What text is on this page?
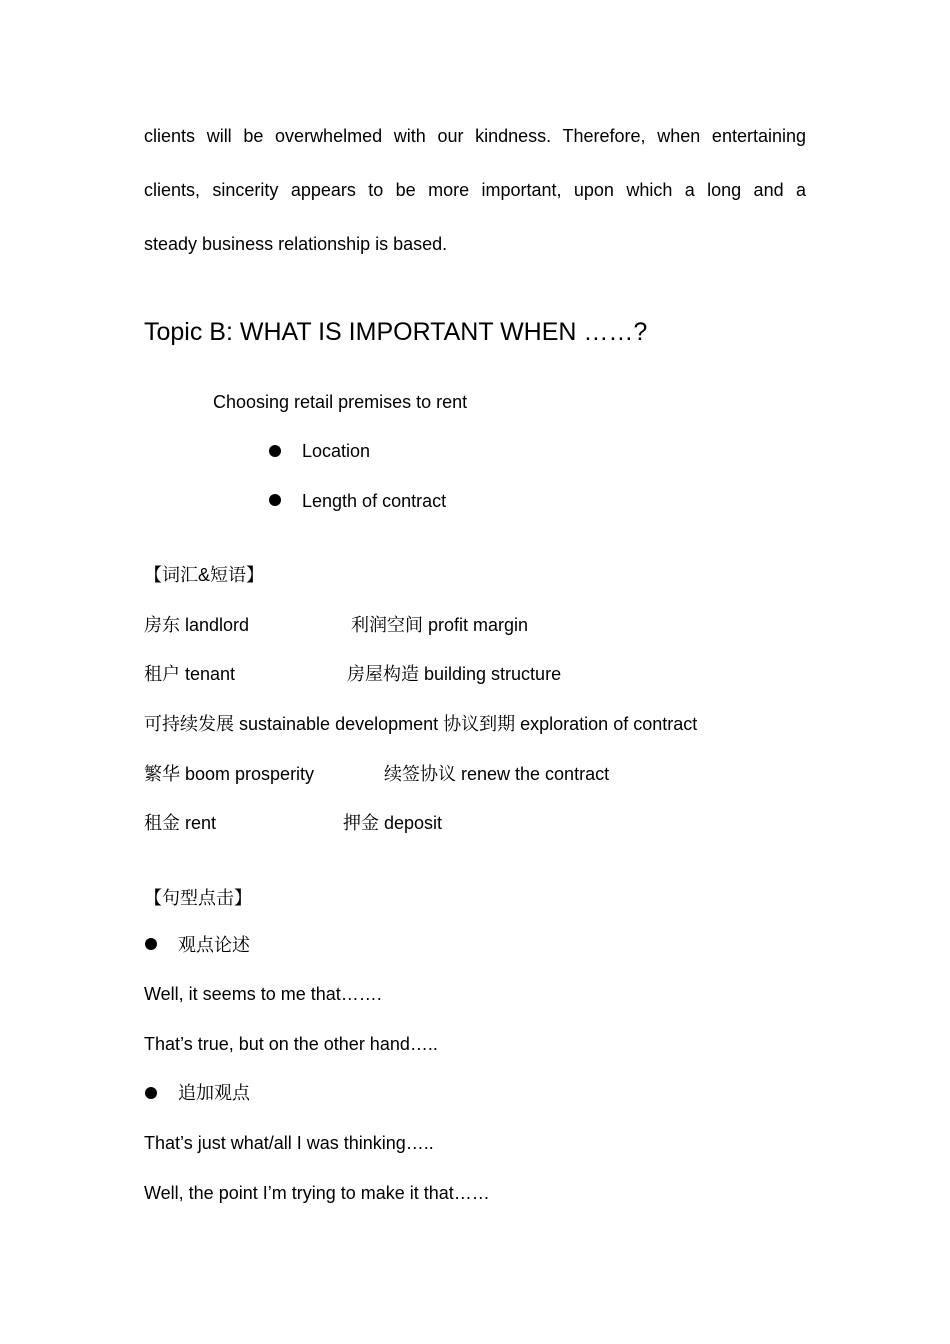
clients will be overwhelmed with our kindness. Therefore, when entertaining
clients, sincerity appears to be more important, upon which a long and a
steady business relationship is based.
Topic B: WHAT IS IMPORTANT WHEN ……?
Choosing retail premises to rent
Location
Length of contract
【词汇&短语】
房东 landlord	利润空间 profit margin
租户 tenant	房屋构造 building structure
可持续发展 sustainable development 协议到期 exploration of contract
繁华 boom prosperity	续签协议 renew the contract
租金 rent	押金 deposit
【句型点击】
观点论述
Well, it seems to me that…….
That’s true, but on the other hand…..
追加观点
That’s just what/all I was thinking…..
Well, the point I’m trying to make it that……
